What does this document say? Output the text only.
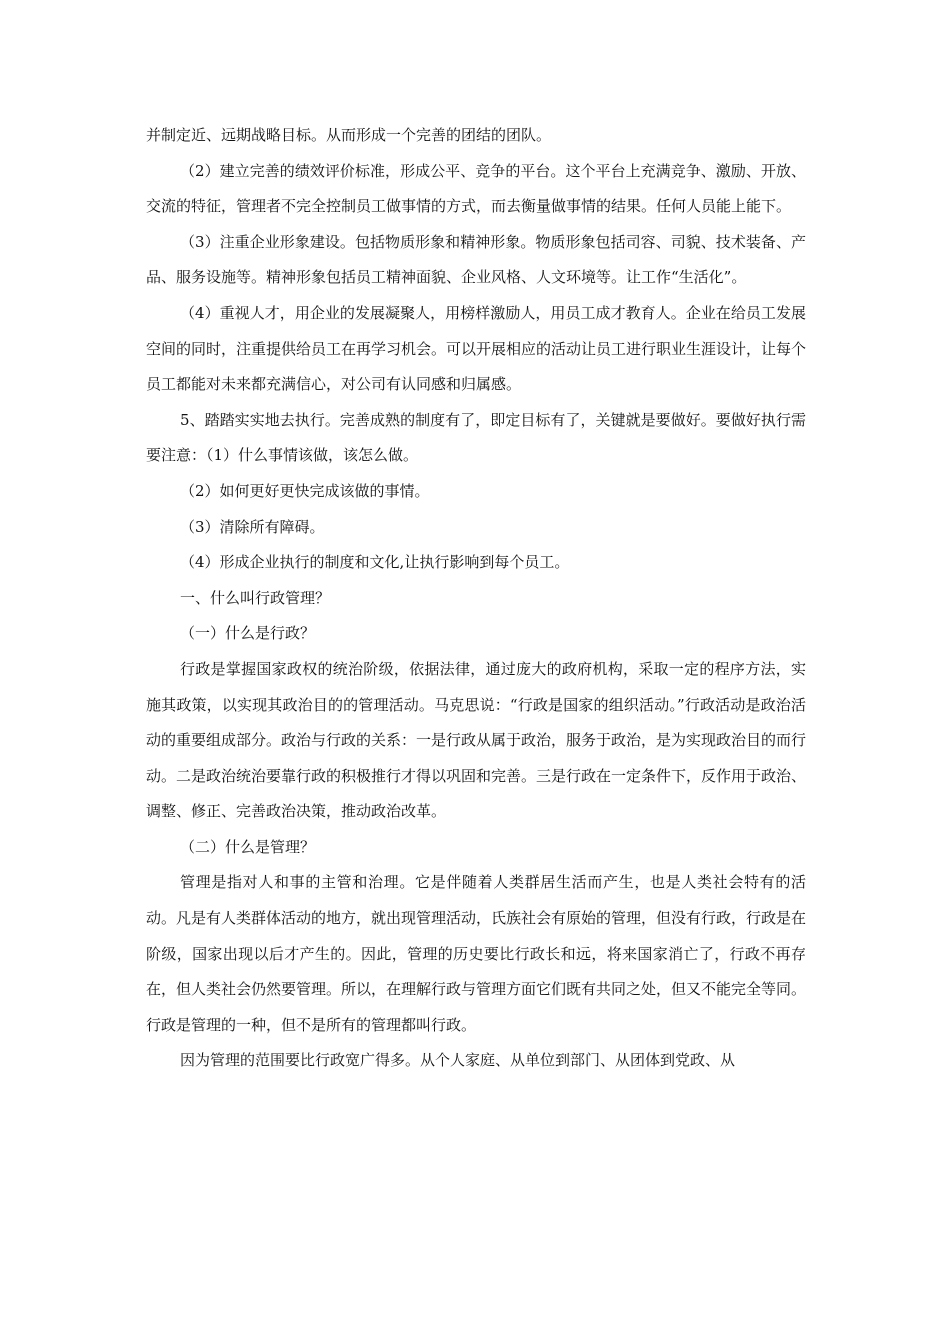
并制定近、远期战略目标。从而形成一个完善的团结的团队。

（2）建立完善的绩效评价标准，形成公平、竞争的平台。这个平台上充满竞争、激励、开放、交流的特征，管理者不完全控制员工做事情的方式，而去衡量做事情的结果。任何人员能上能下。

（3）注重企业形象建设。包括物质形象和精神形象。物质形象包括司容、司貌、技术装备、产品、服务设施等。精神形象包括员工精神面貌、企业风格、人文环境等。让工作“生活化”。

（4）重视人才，用企业的发展凝聚人，用榜样激励人，用员工成才教育人。企业在给员工发展空间的同时，注重提供给员工在再学习机会。可以开展相应的活动让员工进行职业生涯设计，让每个员工都能对未来都充满信心，对公司有认同感和归属感。

5、踏踏实实地去执行。完善成熟的制度有了，即定目标有了，关键就是要做好。要做好执行需要注意：（1）什么事情该做，该怎么做。

（2）如何更好更快完成该做的事情。

（3）清除所有障碍。

（4）形成企业执行的制度和文化,让执行影响到每个员工。

一、什么叫行政管理？

（一）什么是行政？

行政是掌握国家政权的统治阶级，依据法律，通过庞大的政府机构，采取一定的程序方法，实施其政策，以实现其政治目的的管理活动。马克思说：“行政是国家的组织活动。”行政活动是政治活动的重要组成部分。政治与行政的关系：一是行政从属于政治，服务于政治，是为实现政治目的而行动。二是政治统治要靠行政的积极推行才得以巩固和完善。三是行政在一定条件下，反作用于政治、调整、修正、完善政治决策，推动政治改革。

（二）什么是管理？

管理是指对人和事的主管和治理。它是伴随着人类群居生活而产生，也是人类社会特有的活动。凡是有人类群体活动的地方，就出现管理活动，氏族社会有原始的管理，但没有行政，行政是在阶级，国家出现以后才产生的。因此，管理的历史要比行政长和远，将来国家消亡了，行政不再存在，但人类社会仍然要管理。所以，在理解行政与管理方面它们既有共同之处，但又不能完全等同。行政是管理的一种，但不是所有的管理都叫行政。

因为管理的范围要比行政宽广得多。从个人家庭、从单位到部门、从团体到党政、从
